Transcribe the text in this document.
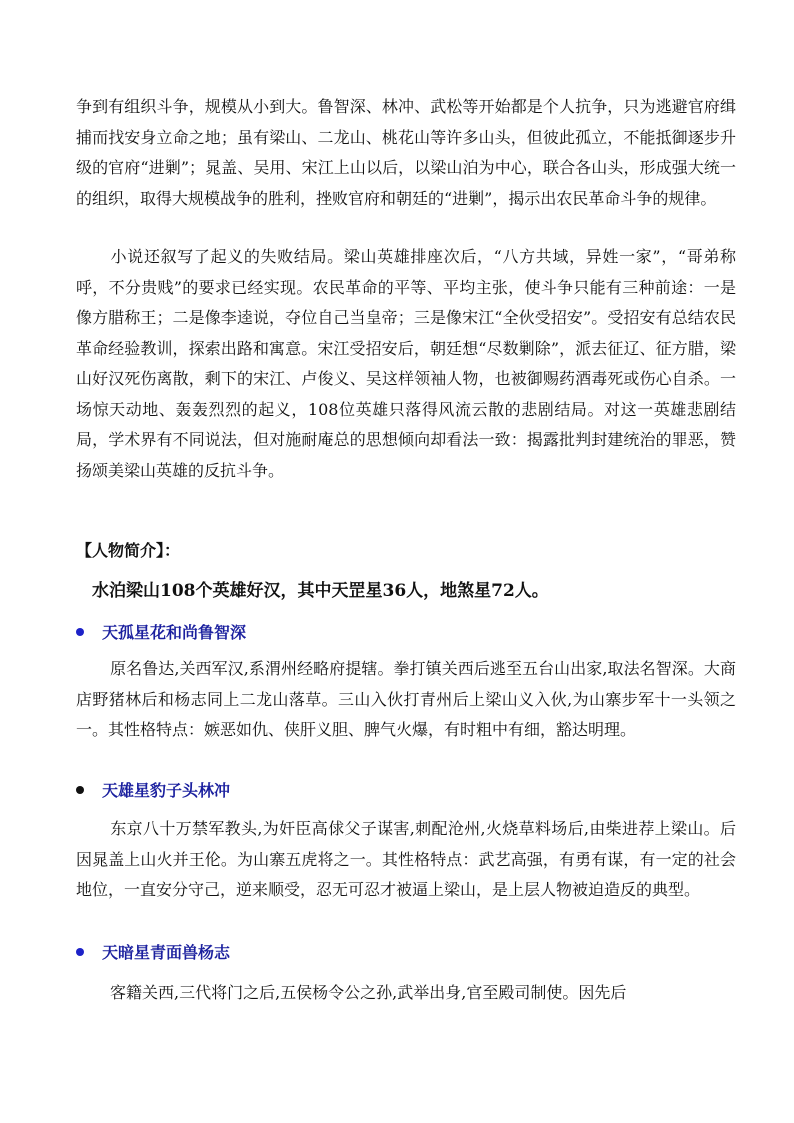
争到有组织斗争，规模从小到大。鲁智深、林冲、武松等开始都是个人抗争，只为逃避官府缉捕而找安身立命之地；虽有梁山、二龙山、桃花山等许多山头，但彼此孤立，不能抵御逐步升级的官府“进剿”；晁盖、吴用、宋江上山以后，以梁山泊为中心，联合各山头，形成强大统一的组织，取得大规模战争的胜利，挫败官府和朝廷的“进剿”，揭示出农民革命斗争的规律。

小说还叙写了起义的失败结局。梁山英雄排座次后，“八方共域，异姓一家”，“哥弟称呼，不分贵贱”的要求已经实现。农民革命的平等、平均主张，使斗争只能有三种前途：一是像方腊称王；二是像李逵说，夺位自己当皇帝；三是像宋江“全伙受招安”。受招安有总结农民革命经验教训，探索出路和寓意。宋江受招安后，朝廷想“尽数剿除”，派去征辽、征方腊，梁山好汉死伤离散，剩下的宋江、卢俊义、吴这样领袖人物，也被御赐药酒毒死或伤心自杀。一场惊天动地、轰轰烈烈的起义，108位英雄只落得风流云散的悲剧结局。对这一英雄悲剧结局，学术界有不同说法，但对施耐庵总的思想倾向却看法一致：揭露批判封建统治的罪恶，赞扬颂美梁山英雄的反抗斗争。

【人物简介】：

水泊梁山108个英雄好汉，其中天罡星36人，地煞星72人。

天孤星花和尚鲁智深

原名鲁达,关西军汉,系渭州经略府提辖。拳打镇关西后逃至五台山出家,取法名智深。大商店野猪林后和杨志同上二龙山落草。三山入伙打青州后上梁山义入伙,为山寨步军十一头领之一。其性格特点：嫉恶如仇、侠肝义胆、脾气火爆，有时粗中有细，豁达明理。

天雄星豹子头林冲

东京八十万禁军教头,为奸臣高俅父子谋害,刺配沧州,火烧草料场后,由柴进荐上梁山。后因晁盖上山火并王伦。为山寨五虎将之一。其性格特点：武艺高强，有勇有谋，有一定的社会地位，一直安分守己，逆来顺受，忍无可忍才被逼上梁山，是上层人物被迫造反的典型。

天暗星青面兽杨志

客籍关西,三代将门之后,五侯杨令公之孙,武举出身,官至殿司制使。因先后
